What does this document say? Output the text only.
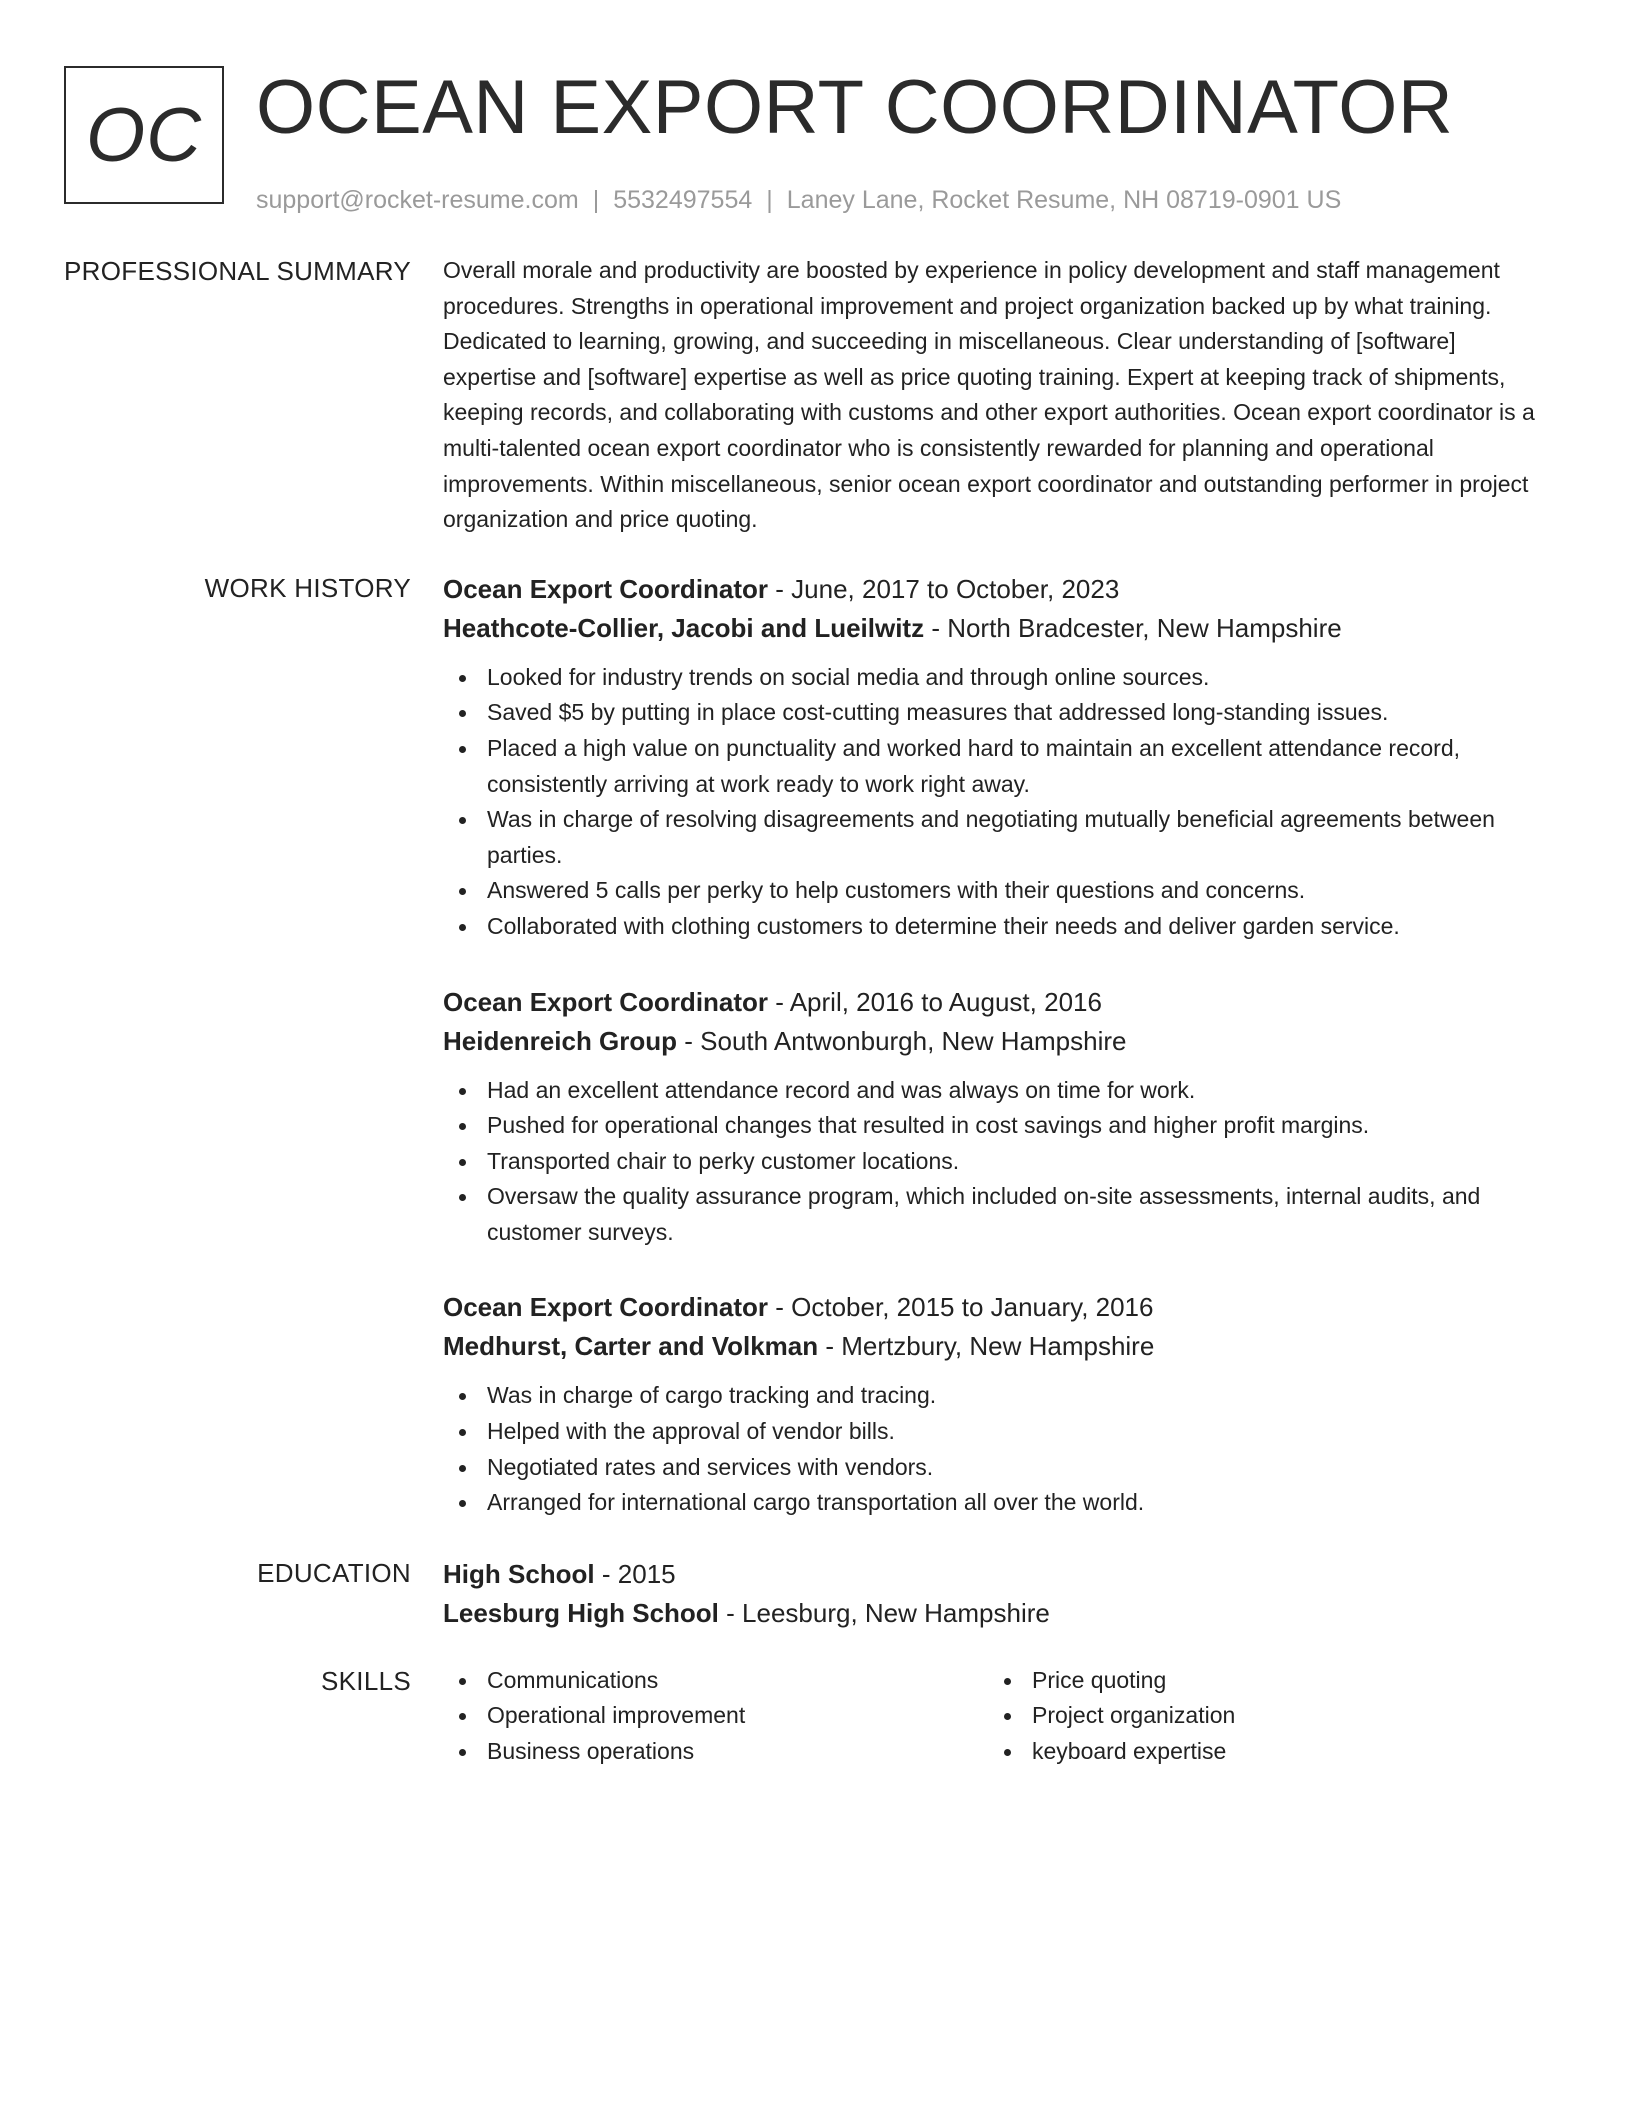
OC OCEAN EXPORT COORDINATOR
support@rocket-resume.com | 5532497554 | Laney Lane, Rocket Resume, NH 08719-0901 US
PROFESSIONAL SUMMARY Overall morale and productivity are boosted by experience in policy development and staff management procedures. Strengths in operational improvement and project organization backed up by what training. Dedicated to learning, growing, and succeeding in miscellaneous. Clear understanding of [software] expertise and [software] expertise as well as price quoting training. Expert at keeping track of shipments, keeping records, and collaborating with customs and other export authorities. Ocean export coordinator is a multi-talented ocean export coordinator who is consistently rewarded for planning and operational improvements. Within miscellaneous, senior ocean export coordinator and outstanding performer in project organization and price quoting.
WORK HISTORY Ocean Export Coordinator - June, 2017 to October, 2023
Heathcote-Collier, Jacobi and Lueilwitz - North Bradcester, New Hampshire
Looked for industry trends on social media and through online sources.
Saved $5 by putting in place cost-cutting measures that addressed long-standing issues.
Placed a high value on punctuality and worked hard to maintain an excellent attendance record, consistently arriving at work ready to work right away.
Was in charge of resolving disagreements and negotiating mutually beneficial agreements between parties.
Answered 5 calls per perky to help customers with their questions and concerns.
Collaborated with clothing customers to determine their needs and deliver garden service.
Ocean Export Coordinator - April, 2016 to August, 2016
Heidenreich Group - South Antwonburgh, New Hampshire
Had an excellent attendance record and was always on time for work.
Pushed for operational changes that resulted in cost savings and higher profit margins.
Transported chair to perky customer locations.
Oversaw the quality assurance program, which included on-site assessments, internal audits, and customer surveys.
Ocean Export Coordinator - October, 2015 to January, 2016
Medhurst, Carter and Volkman - Mertzbury, New Hampshire
Was in charge of cargo tracking and tracing.
Helped with the approval of vendor bills.
Negotiated rates and services with vendors.
Arranged for international cargo transportation all over the world.
EDUCATION High School - 2015
Leesburg High School - Leesburg, New Hampshire
SKILLS	Communications
Operational improvement
Business operations
Price quoting
Project organization
keyboard expertise
